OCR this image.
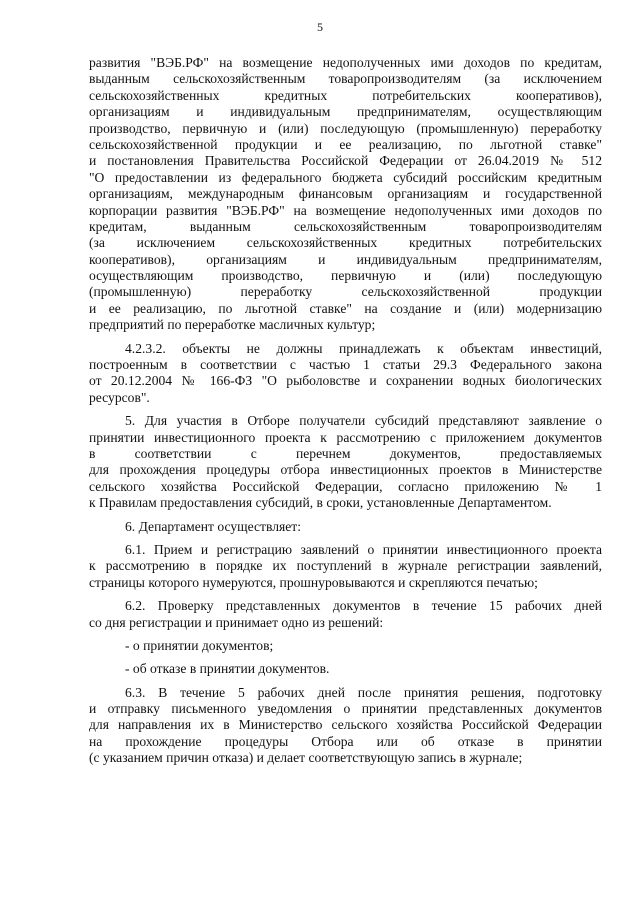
5
развития "ВЭБ.РФ" на возмещение недополученных ими доходов по кредитам,
выданным сельскохозяйственным товаропроизводителям (за исключением
сельскохозяйственных кредитных потребительских кооперативов),
организациям и индивидуальным предпринимателям, осуществляющим
производство, первичную и (или) последующую (промышленную) переработку
сельскохозяйственной продукции и ее реализацию, по льготной ставке"
и постановления Правительства Российской Федерации от 26.04.2019 № 512
"О предоставлении из федерального бюджета субсидий российским кредитным
организациям, международным финансовым организациям и государственной
корпорации развития "ВЭБ.РФ" на возмещение недополученных ими доходов по
кредитам, выданным сельскохозяйственным товаропроизводителям
(за исключением сельскохозяйственных кредитных потребительских
кооперативов), организациям и индивидуальным предпринимателям,
осуществляющим производство, первичную и (или) последующую
(промышленную) переработку сельскохозяйственной продукции
и ее реализацию, по льготной ставке" на создание и (или) модернизацию
предприятий по переработке масличных культур;
4.2.3.2. объекты не должны принадлежать к объектам инвестиций,
построенным в соответствии с частью 1 статьи 29.3 Федерального закона
от 20.12.2004 № 166-ФЗ "О рыболовстве и сохранении водных биологических
ресурсов".
5. Для участия в Отборе получатели субсидий представляют заявление о
принятии инвестиционного проекта к рассмотрению с приложением документов
в соответствии с перечнем документов, предоставляемых
для прохождения процедуры отбора инвестиционных проектов в Министерстве
сельского хозяйства Российской Федерации, согласно приложению № 1
к Правилам предоставления субсидий, в сроки, установленные Департаментом.
6. Департамент осуществляет:
6.1. Прием и регистрацию заявлений о принятии инвестиционного проекта
к рассмотрению в порядке их поступлений в журнале регистрации заявлений,
страницы которого нумеруются, прошнуровываются и скрепляются печатью;
6.2. Проверку представленных документов в течение 15 рабочих дней
со дня регистрации и принимает одно из решений:
- о принятии документов;
- об отказе в принятии документов.
6.3. В течение 5 рабочих дней после принятия решения, подготовку
и отправку письменного уведомления о принятии представленных документов
для направления их в Министерство сельского хозяйства Российской Федерации
на прохождение процедуры Отбора или об отказе в принятии
(с указанием причин отказа) и делает соответствующую запись в журнале;
